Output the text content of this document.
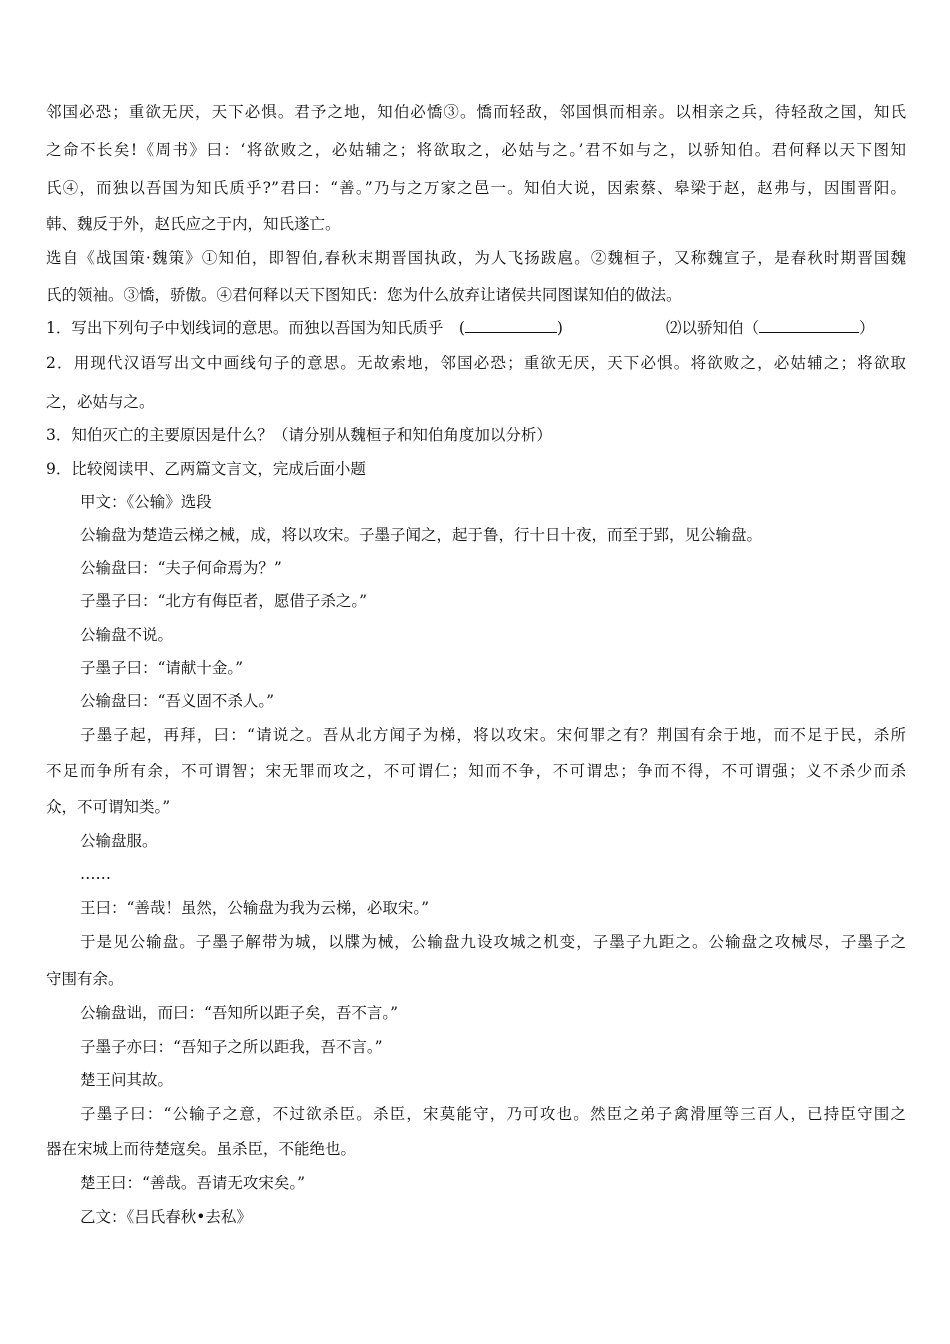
邻国必恐；重欲无厌，天下必惧。君予之地，知伯必憍③。憍而轻敌，邻国惧而相亲。以相亲之兵，待轻敌之国，知氏
之命不长矣!《周书》曰：‘将欲败之，必姑辅之；将欲取之，必姑与之。’君不如与之，以骄知伯。君何释以天下图知
氏④，而独以吾国为知氏质乎?”君曰：“善。”乃与之万家之邑一。知伯大说，因索蔡、皋梁于赵，赵弗与，因围晋阳。
韩、魏反于外，赵氏应之于内，知氏遂亡。
选自《战国策·魏策》①知伯，即智伯,春秋末期晋国执政，为人飞扬跋扈。②魏桓子，又称魏宣子，是春秋时期晋国魏
氏的领袖。③憍，骄傲。④君何释以天下图知氏：您为什么放弃让诸侯共同图谋知伯的做法。
1．写出下列句子中划线词的意思。而独以吾国为知氏质乎　(	)	⑵以骄知伯（	）
2．用现代汉语写出文中画线句子的意思。无故索地，邻国必恐；重欲无厌，天下必惧。将欲败之，必姑辅之；将欲取
之，必姑与之。
3．知伯灭亡的主要原因是什么？（请分别从魏桓子和知伯角度加以分析）
9．比较阅读甲、乙两篇文言文，完成后面小题
甲文：《公输》选段
公输盘为楚造云梯之械，成，将以攻宋。子墨子闻之，起于鲁，行十日十夜，而至于郢，见公输盘。
公输盘曰：“夫子何命焉为？”
子墨子曰：“北方有侮臣者，愿借子杀之。”
公输盘不说。
子墨子曰：“请献十金。”
公输盘曰：“吾义固不杀人。”
子墨子起，再拜，曰：“请说之。吾从北方闻子为梯，将以攻宋。宋何罪之有？荆国有余于地，而不足于民，杀所
不足而争所有余，不可谓智；宋无罪而攻之，不可谓仁；知而不争，不可谓忠；争而不得，不可谓强；义不杀少而杀
众，不可谓知类。”
公输盘服。
……
王曰：“善哉！虽然，公输盘为我为云梯，必取宋。”
于是见公输盘。子墨子解带为城，以牒为械，公输盘九设攻城之机变，子墨子九距之。公输盘之攻械尽，子墨子之
守围有余。
公输盘诎，而曰：“吾知所以距子矣，吾不言。”
子墨子亦曰：“吾知子之所以距我，吾不言。”
楚王问其故。
子墨子曰：“公输子之意，不过欲杀臣。杀臣，宋莫能守，乃可攻也。然臣之弟子禽滑厘等三百人，已持臣守围之
器在宋城上而待楚寇矣。虽杀臣，不能绝也。
楚王曰：“善哉。吾请无攻宋矣。”
乙文：《吕氏春秋•去私》
